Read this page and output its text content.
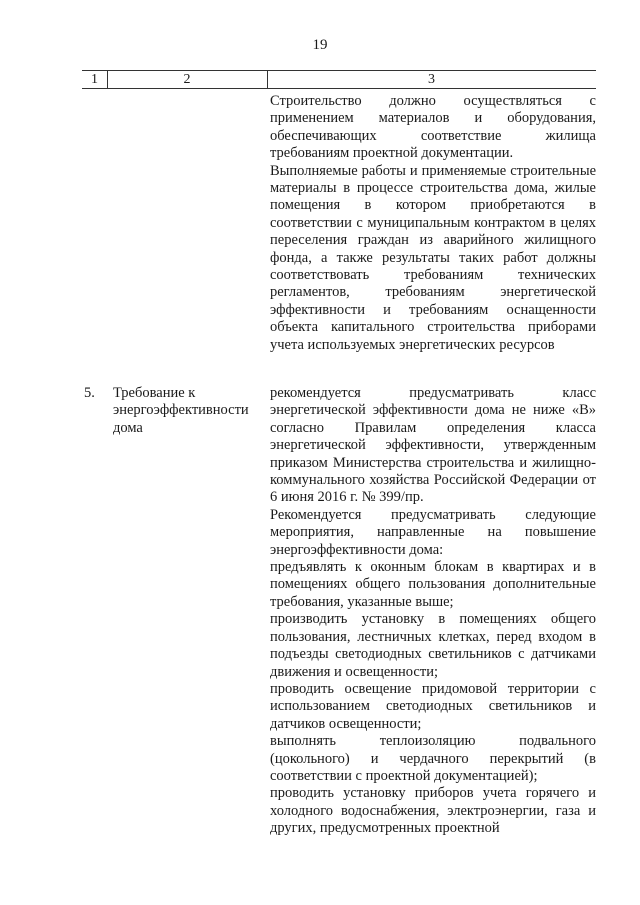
19
1	2	3

Строительство должно осуществляться с применением материалов и оборудования, обеспечивающих соответствие жилища требованиям проектной документации.

Выполняемые работы и применяемые строительные материалы в процессе строительства дома, жилые помещения в котором приобретаются в соответствии с муниципальным контрактом в целях переселения граждан из аварийного жилищного фонда, а также результаты таких работ должны соответствовать требованиям технических регламентов, требованиям энергетической эффективности и требованиям оснащенности объекта капитального строительства приборами учета используемых энергетических ресурсов

5. Требование к энергоэффективности дома

рекомендуется предусматривать класс энергетической эффективности дома не ниже «В» согласно Правилам определения класса энергетической эффективности, утвержденным приказом Министерства строительства и жилищно-коммунального хозяйства Российской Федерации от 6 июня 2016 г. № 399/пр.

Рекомендуется предусматривать следующие мероприятия, направленные на повышение энергоэффективности дома:

предъявлять к оконным блокам в квартирах и в помещениях общего пользования дополнительные требования, указанные выше;

производить установку в помещениях общего пользования, лестничных клетках, перед входом в подъезды светодиодных светильников с датчиками движения и освещенности;

проводить освещение придомовой территории с использованием светодиодных светильников и датчиков освещенности;

выполнять теплоизоляцию подвального (цокольного) и чердачного перекрытий (в соответствии с проектной документацией);

проводить установку приборов учета горячего и холодного водоснабжения, электроэнергии, газа и других, предусмотренных проектной
